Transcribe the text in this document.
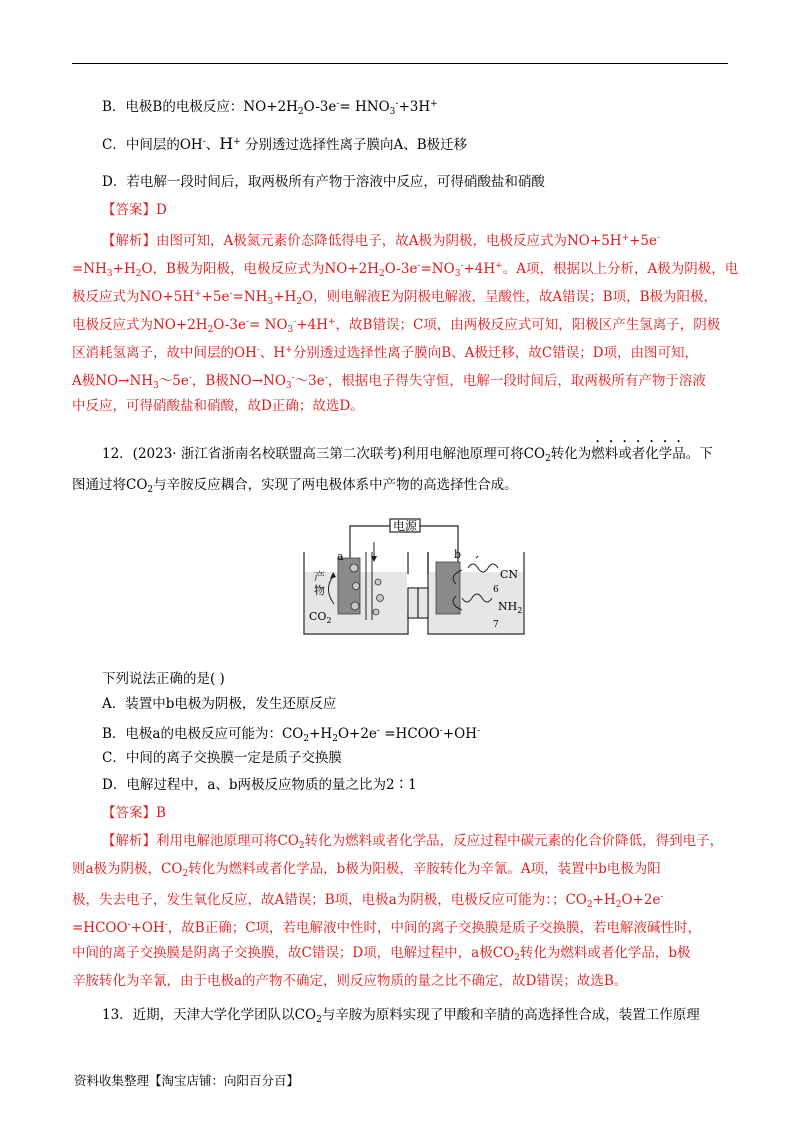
B．电极B的电极反应：$NO+2H_2O-3e^-= HNO_3^-+3H^+$
C．中间层的OH-、H+ 分别透过选择性离子膜向A、B极迁移
D．若电解一段时间后，取两极所有产物于溶液中反应，可得硝酸盐和硝酸
【答案】D
【解析】由图可知，A极氮元素价态降低得电子，故A极为阴极，电极反应式为NO+5H++5e-
$=NH_3+H_2O$，B极为阳极，电极反应式为$NO+2H_2O-3e^-=NO_3^-+4H^+$。A项，根据以上分析，A极为阴极，电
极反应式为$NO+5H^++5e^-=NH_3+H_2O$，则电解液E为阴极电解液，呈酸性，故A错误；B项，B极为阳极，
电极反应式为$NO+2H_2O-3e^-= NO_3^-+4H^+$，故B错误；C项，由两极反应式可知，阳极区产生氢离子，阴极
区消耗氢离子，故中间层的OH-、H+分别透过选择性离子膜向B、A极迁移，故C错误；D项，由图可知，
A极$NO\to NH_3\sim 5e^-$，B极$NO\to NO_3^-\sim 3e^-$，根据电子得失守恒，电解一段时间后，取两极所有产物于溶液
中反应，可得硝酸盐和硝酸，故D正确；故选D。
12．(2023· 浙江省浙南名校联盟高三第二次联考)利用电解池原理可将$CO_2$转化为燃料或者化学品。下
图通过将$CO_2$与辛胺反应耦合，实现了两电极体系中产物的高选择性合成。
电源
a	b
产
物
$CO_2$
CN
6
$NH_2$
7
下列说法正确的是( )
A．装置中b电极为阴极，发生还原反应
B．电极a的电极反应可能为：$CO_2+H_2O+2e^-$ =HCOO-+OH-
C．中间的离子交换膜一定是质子交换膜
D．电解过程中，a、b两极反应物质的量之比为2∶1
【答案】B
【解析】利用电解池原理可将$CO_2$转化为燃料或者化学品，反应过程中碳元素的化合价降低，得到电子，
则a极为阴极，$CO_2$转化为燃料或者化学品，b极为阳极，辛胺转化为辛氰。A项，装置中b电极为阳
极，失去电子，发生氧化反应，故A错误；B项，电极a为阴极，电极反应可能为：；$CO_2+H_2O+2e^-$
=HCOO-+OH-，故B正确；C项，若电解液中性时，中间的离子交换膜是质子交换膜，若电解液碱性时，
中间的离子交换膜是阴离子交换膜，故C错误；D项，电解过程中，a极$CO_2$转化为燃料或者化学品，b极
辛胺转化为辛氰，由于电极a的产物不确定，则反应物质的量之比不确定，故D错误；故选B。
13．近期，天津大学化学团队以$CO_2$与辛胺为原料实现了甲酸和辛腈的高选择性合成，装置工作原理
资料收集整理【淘宝店铺：向阳百分百】
